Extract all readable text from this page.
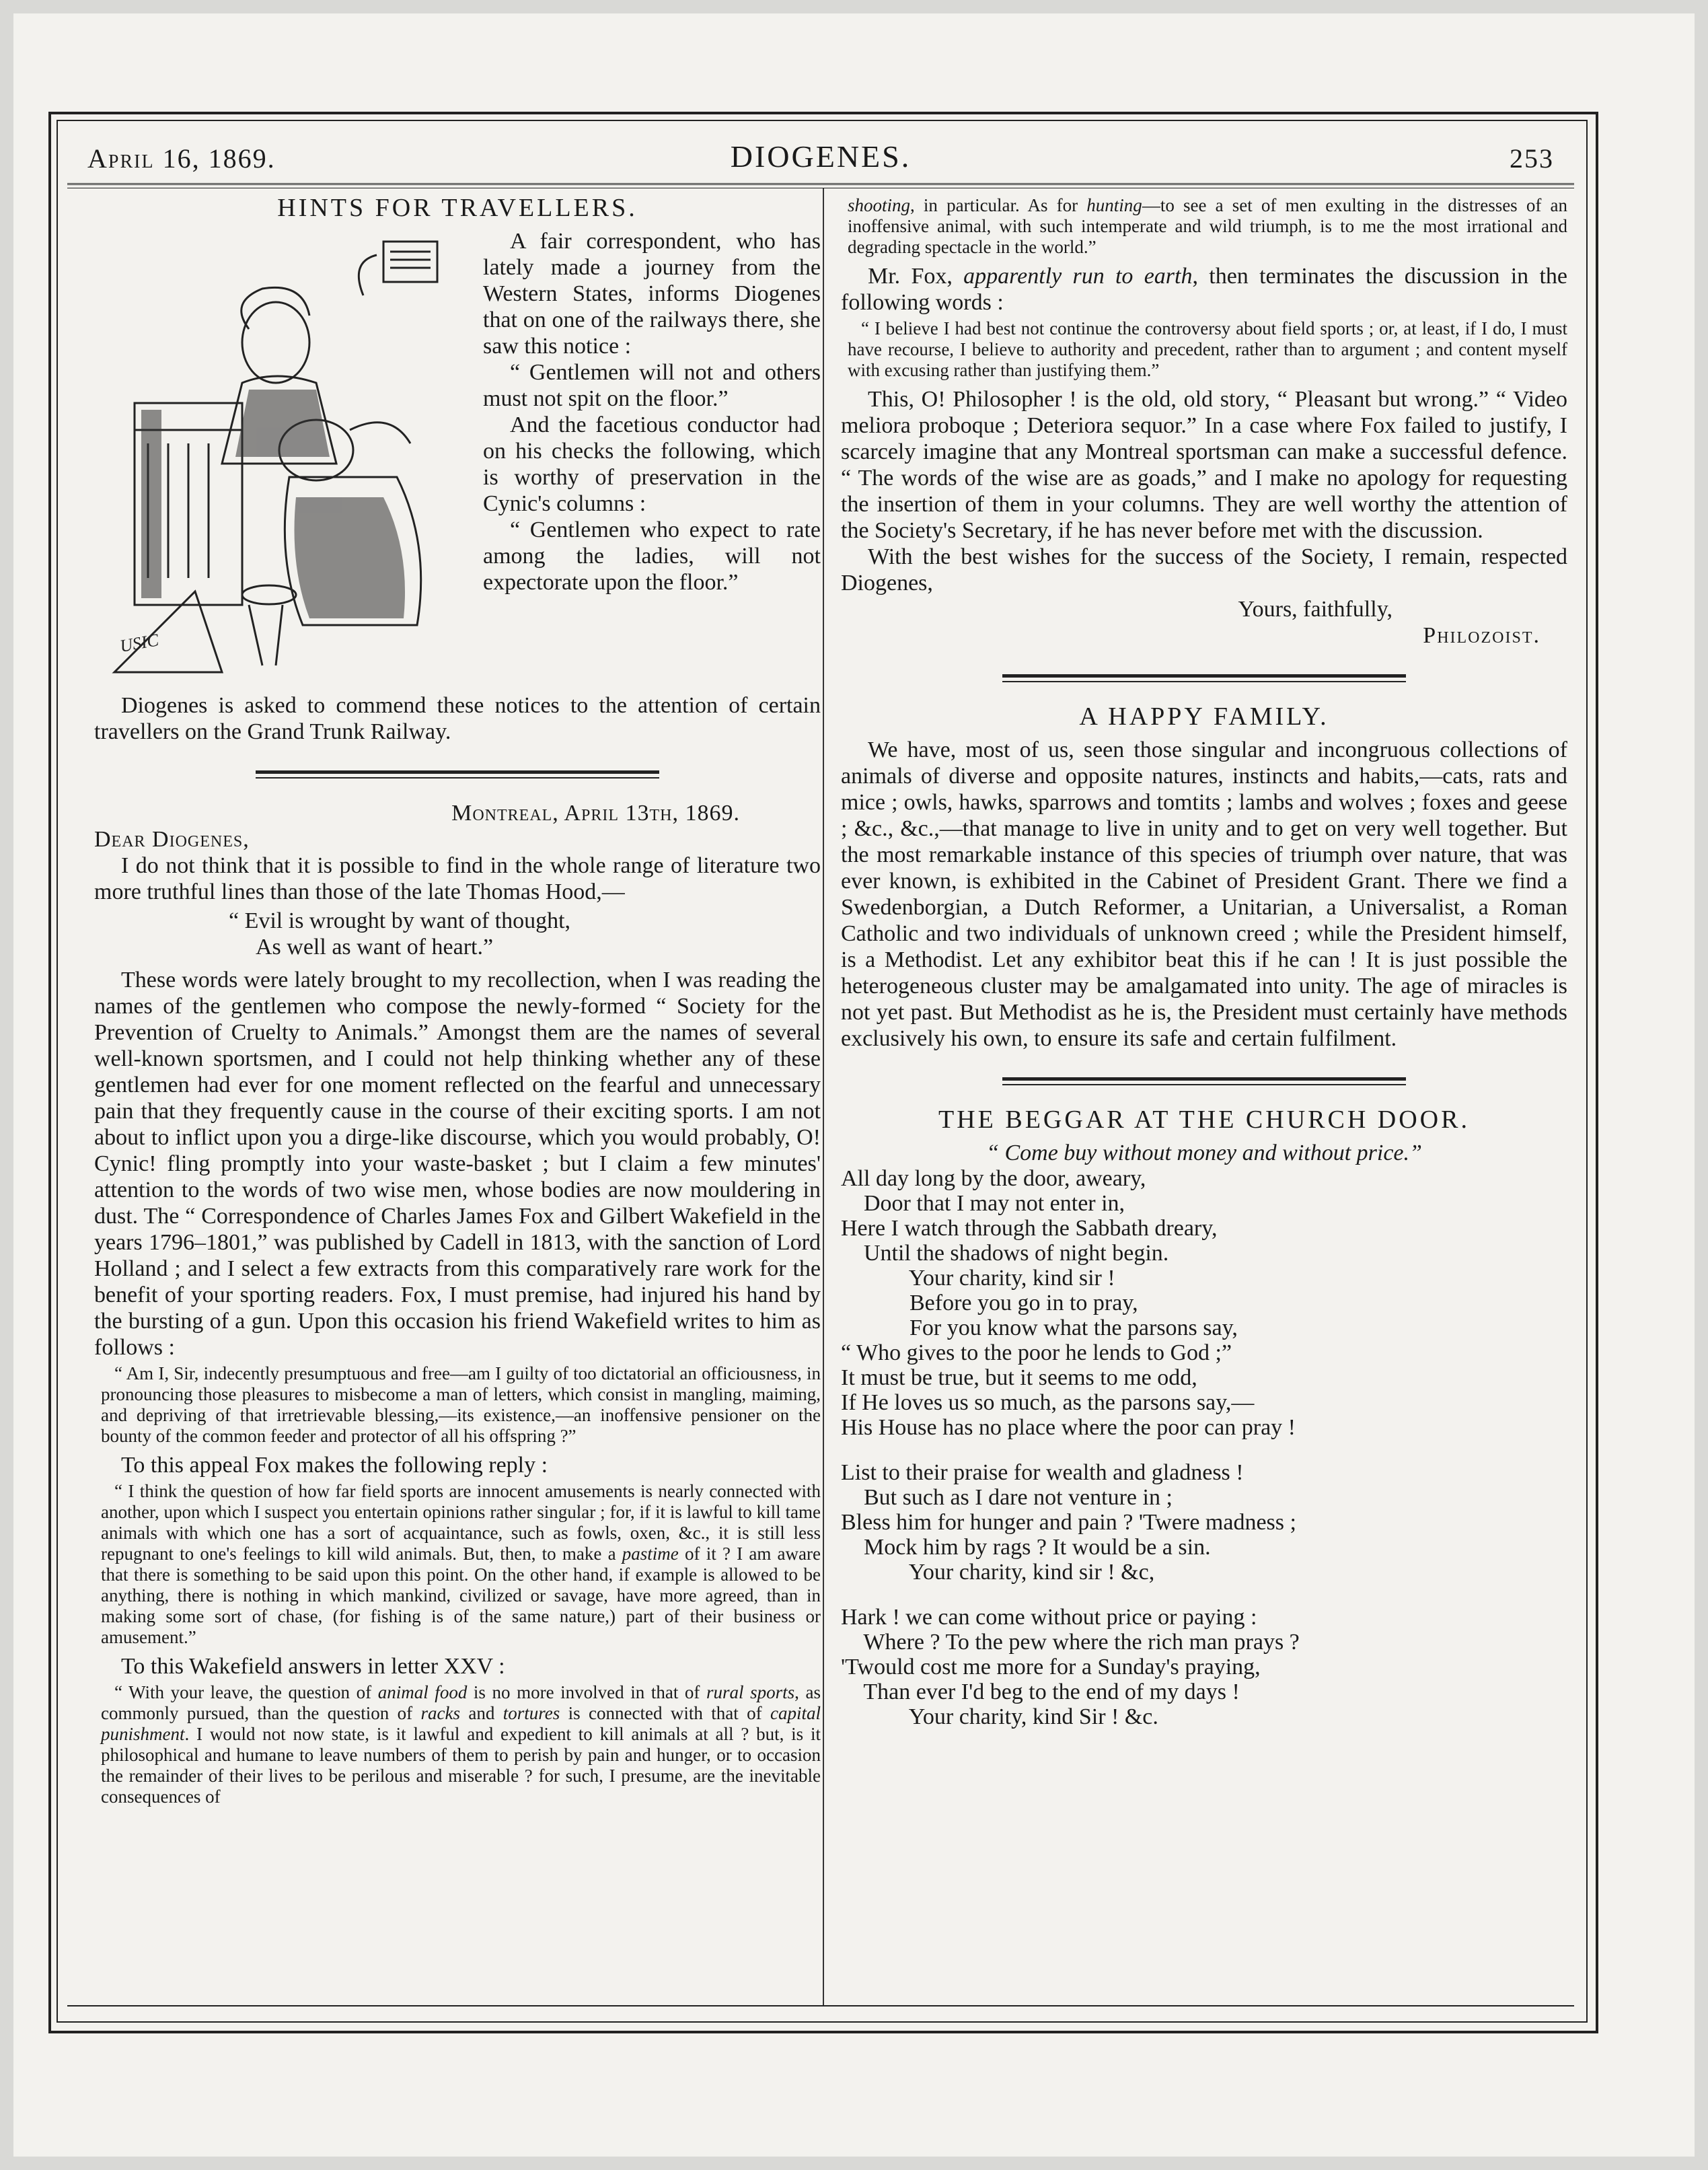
April 16, 1869.	DIOGENES.	253
HINTS FOR TRAVELLERS.
USIC

A fair correspondent, who has lately made a journey from the Western States, informs Diogenes that on one of the railways there, she saw this notice :

“ Gentlemen will not and others must not spit on the floor.”

And the facetious conductor had on his checks the following, which is worthy of preservation in the Cynic's columns :

“ Gentlemen who expect to rate among the ladies, will not expectorate upon the floor.”

Diogenes is asked to commend these notices to the attention of certain travellers on the Grand Trunk Railway.

Montreal, April 13th, 1869.

Dear Diogenes,

I do not think that it is possible to find in the whole range of literature two more truthful lines than those of the late Thomas Hood,—

“ Evil is wrought by want of thought,

As well as want of heart.”

These words were lately brought to my recollection, when I was reading the names of the gentlemen who compose the newly-formed “ Society for the Prevention of Cruelty to Animals.” Amongst them are the names of several well-known sportsmen, and I could not help thinking whether any of these gentlemen had ever for one moment reflected on the fearful and unnecessary pain that they frequently cause in the course of their exciting sports. I am not about to inflict upon you a dirge-like discourse, which you would probably, O! Cynic! fling promptly into your waste-basket ; but I claim a few minutes' attention to the words of two wise men, whose bodies are now mouldering in dust. The “ Correspondence of Charles James Fox and Gilbert Wakefield in the years 1796–1801,” was published by Cadell in 1813, with the sanction of Lord Holland ; and I select a few extracts from this comparatively rare work for the benefit of your sporting readers. Fox, I must premise, had injured his hand by the bursting of a gun. Upon this occasion his friend Wakefield writes to him as follows :

“ Am I, Sir, indecently presumptuous and free—am I guilty of too dictatorial an officiousness, in pronouncing those pleasures to misbecome a man of letters, which consist in mangling, maiming, and depriving of that irretrievable blessing,—its existence,—an inoffensive pensioner on the bounty of the common feeder and protector of all his offspring ?”

To this appeal Fox makes the following reply :

“ I think the question of how far field sports are innocent amusements is nearly connected with another, upon which I suspect you entertain opinions rather singular ; for, if it is lawful to kill tame animals with which one has a sort of acquaintance, such as fowls, oxen, &c., it is still less repugnant to one's feelings to kill wild animals. But, then, to make a pastime of it ? I am aware that there is something to be said upon this point. On the other hand, if example is allowed to be anything, there is nothing in which mankind, civilized or savage, have more agreed, than in making some sort of chase, (for fishing is of the same nature,) part of their business or amusement.”

To this Wakefield answers in letter XXV :

“ With your leave, the question of animal food is no more involved in that of rural sports, as commonly pursued, than the question of racks and tortures is connected with that of capital punishment. I would not now state, is it lawful and expedient to kill animals at all ? but, is it philosophical and humane to leave numbers of them to perish by pain and hunger, or to occasion the remainder of their lives to be perilous and miserable ? for such, I presume, are the inevitable consequences of

shooting, in particular. As for hunting—to see a set of men exulting in the distresses of an inoffensive animal, with such intemperate and wild triumph, is to me the most irrational and degrading spectacle in the world.”

Mr. Fox, apparently run to earth, then terminates the discussion in the following words :

“ I believe I had best not continue the controversy about field sports ; or, at least, if I do, I must have recourse, I believe to authority and precedent, rather than to argument ; and content myself with excusing rather than justifying them.”

This, O! Philosopher ! is the old, old story, “ Pleasant but wrong.” “ Video meliora proboque ; Deteriora sequor.” In a case where Fox failed to justify, I scarcely imagine that any Montreal sportsman can make a successful defence. “ The words of the wise are as goads,” and I make no apology for requesting the insertion of them in your columns. They are well worthy the attention of the Society's Secretary, if he has never before met with the discussion.

With the best wishes for the success of the Society, I remain, respected Diogenes,

Yours, faithfully,

Philozoist.

A HAPPY FAMILY.

We have, most of us, seen those singular and incongruous collections of animals of diverse and opposite natures, instincts and habits,—cats, rats and mice ; owls, hawks, sparrows and tomtits ; lambs and wolves ; foxes and geese ; &c., &c.,—that manage to live in unity and to get on very well together. But the most remarkable instance of this species of triumph over nature, that was ever known, is exhibited in the Cabinet of President Grant. There we find a Swedenborgian, a Dutch Reformer, a Unitarian, a Universalist, a Roman Catholic and two individuals of unknown creed ; while the President himself, is a Methodist. Let any exhibitor beat this if he can ! It is just possible the heterogeneous cluster may be amalgamated into unity. The age of miracles is not yet past. But Methodist as he is, the President must certainly have methods exclusively his own, to ensure its safe and certain fulfilment.

THE BEGGAR AT THE CHURCH DOOR.

“ Come buy without money and without price.”

All day long by the door, aweary,
Door that I may not enter in,
Here I watch through the Sabbath dreary,
Until the shadows of night begin.
Your charity, kind sir !
Before you go in to pray,
For you know what the parsons say,
“ Who gives to the poor he lends to God ;”
It must be true, but it seems to me odd,
If He loves us so much, as the parsons say,—
His House has no place where the poor can pray !
List to their praise for wealth and gladness !
But such as I dare not venture in ;
Bless him for hunger and pain ? 'Twere madness ;
Mock him by rags ? It would be a sin.
Your charity, kind sir ! &c,
Hark ! we can come without price or paying :
Where ? To the pew where the rich man prays ?
'Twould cost me more for a Sunday's praying,
Than ever I'd beg to the end of my days !
Your charity, kind Sir ! &c.
